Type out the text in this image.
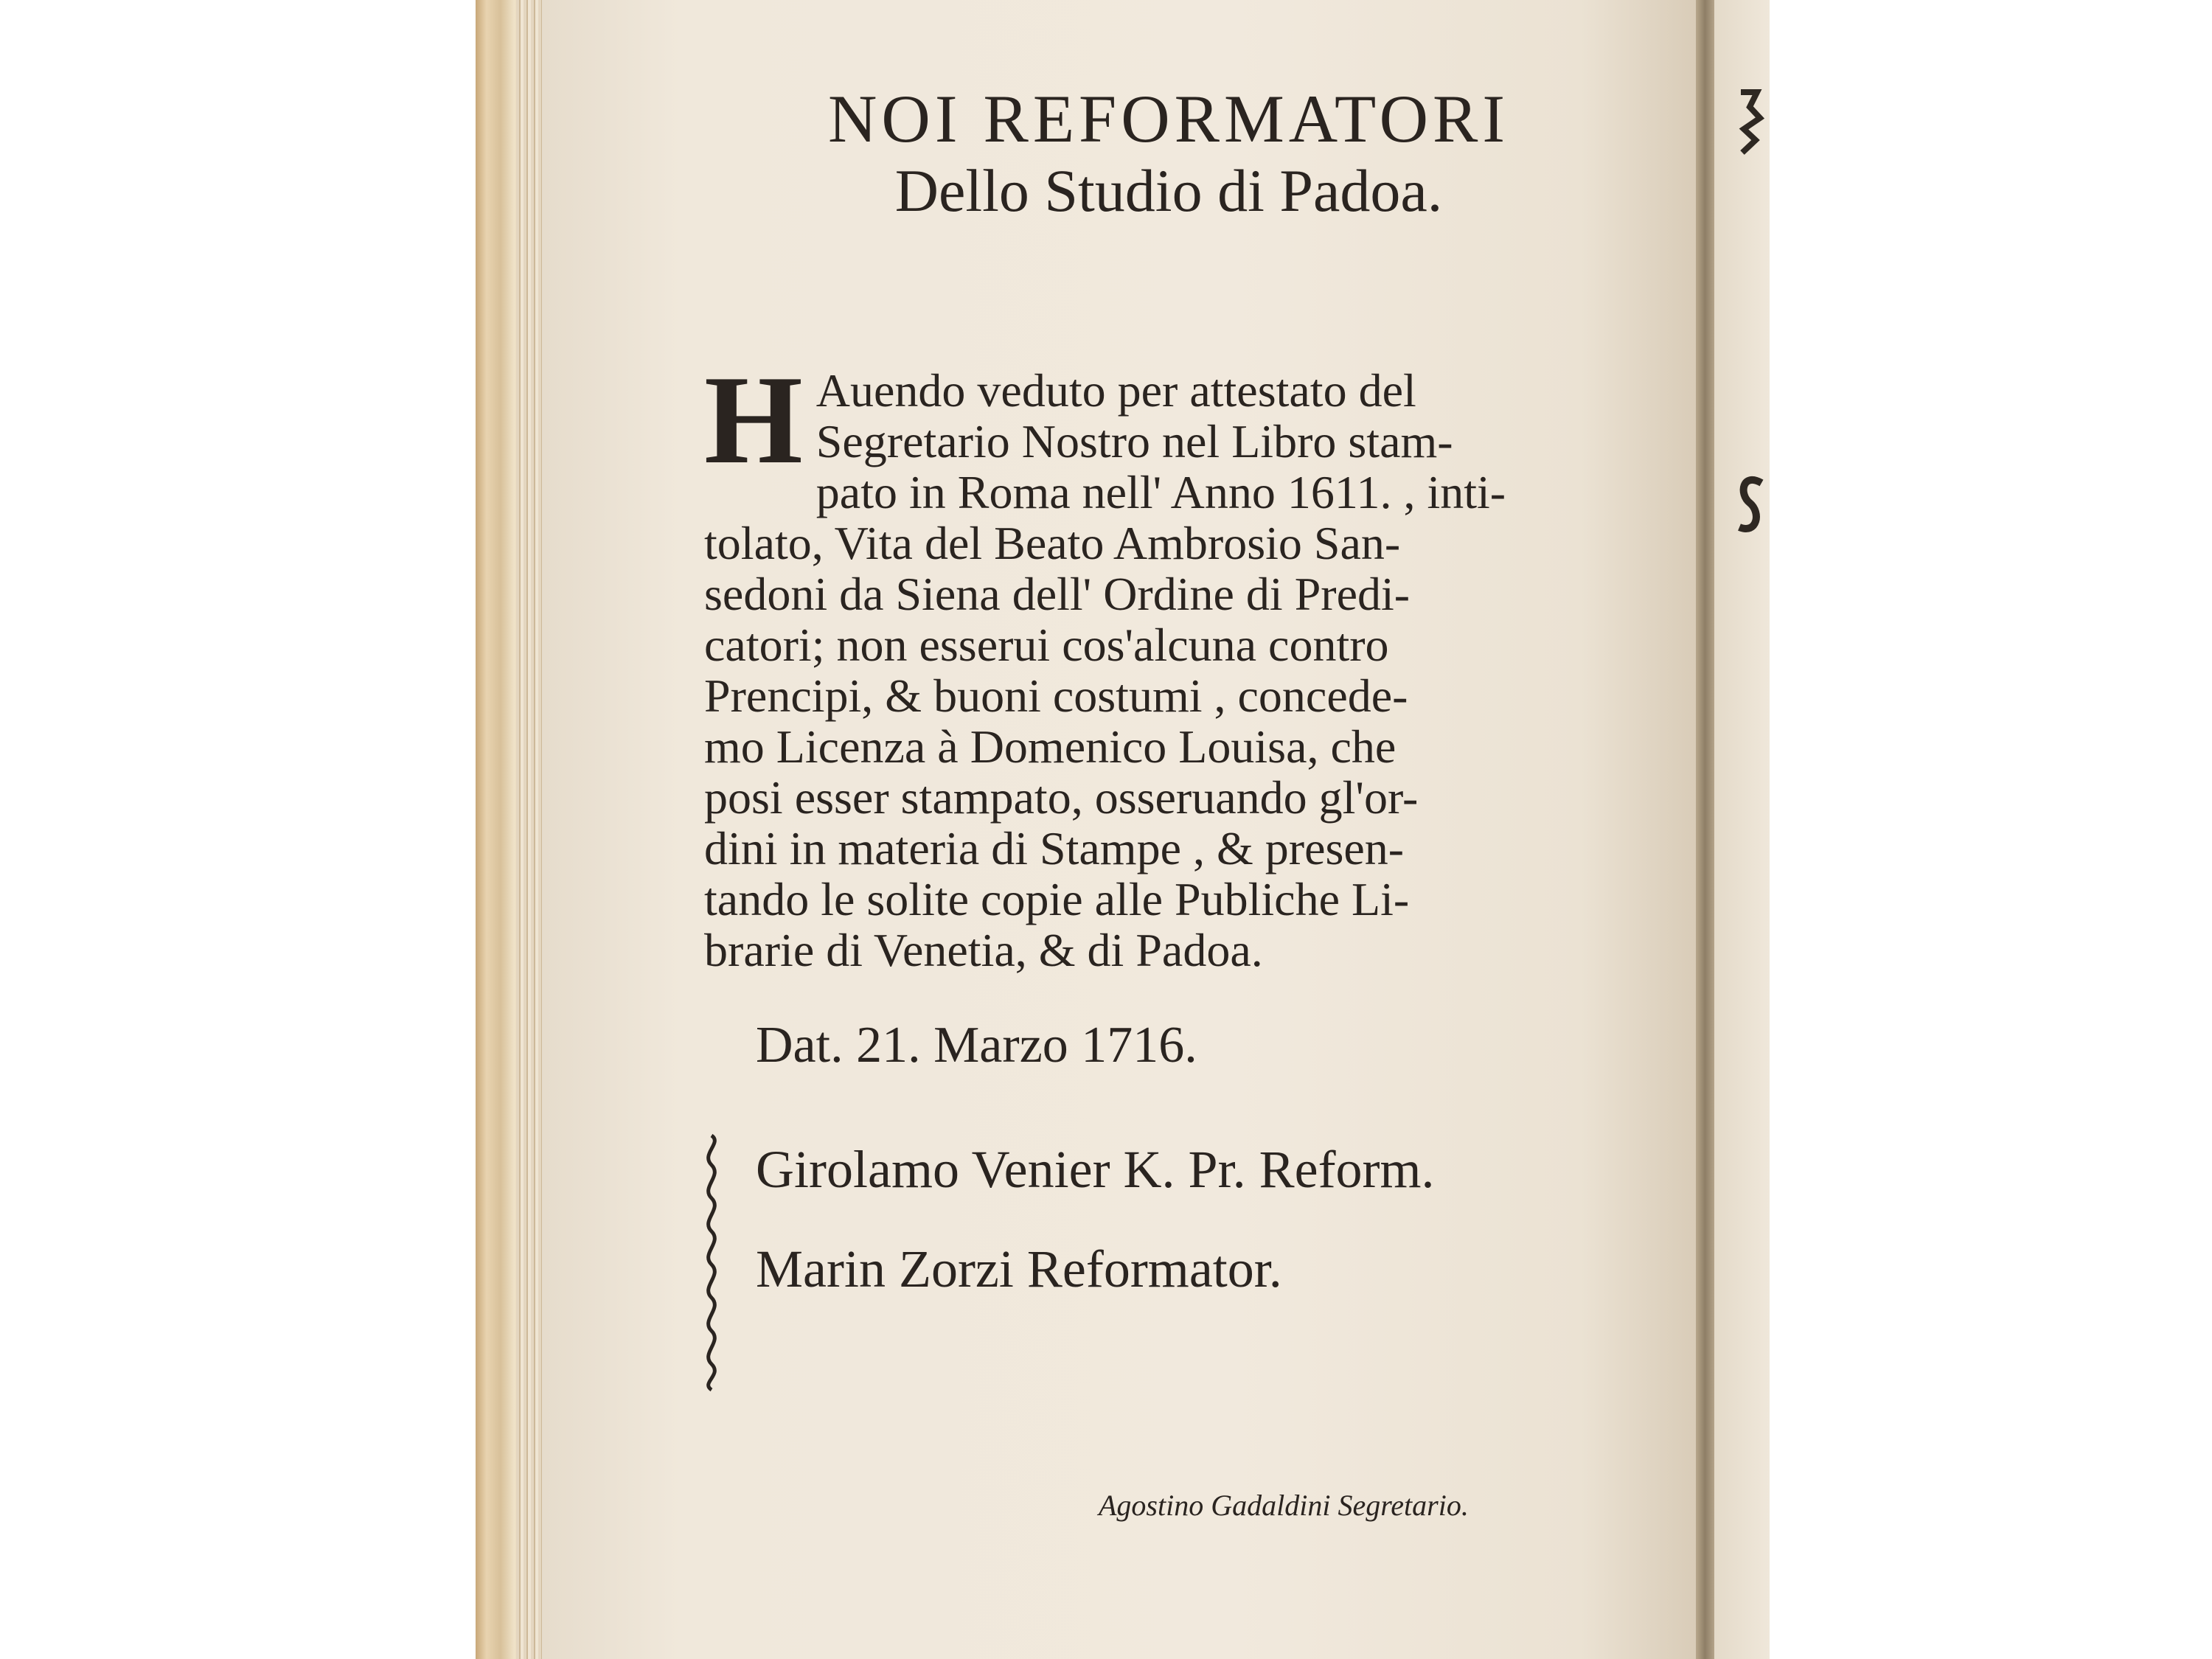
NOI REFORMATORI
Dello Studio di Padoa.
H Auendo veduto per attestato del
Segretario Nostro nel Libro stam-
pato in Roma nell' Anno 1611. , inti-
tolato, Vita del Beato Ambrosio San-
sedoni da Siena dell' Ordine di Predi-
catori; non esserui cos'alcuna contro
Prencipi, & buoni costumi , concede-
mo Licenza à Domenico Louisa, che
posi esser stampato, osseruando gl'or-
dini in materia di Stampe , & presen-
tando le solite copie alle Publiche Li-
brarie di Venetia, & di Padoa.
Dat. 21. Marzo 1716.
Girolamo Venier K. Pr. Reform.
Marin Zorzi Reformator.
Agostino Gadaldini Segretario.
